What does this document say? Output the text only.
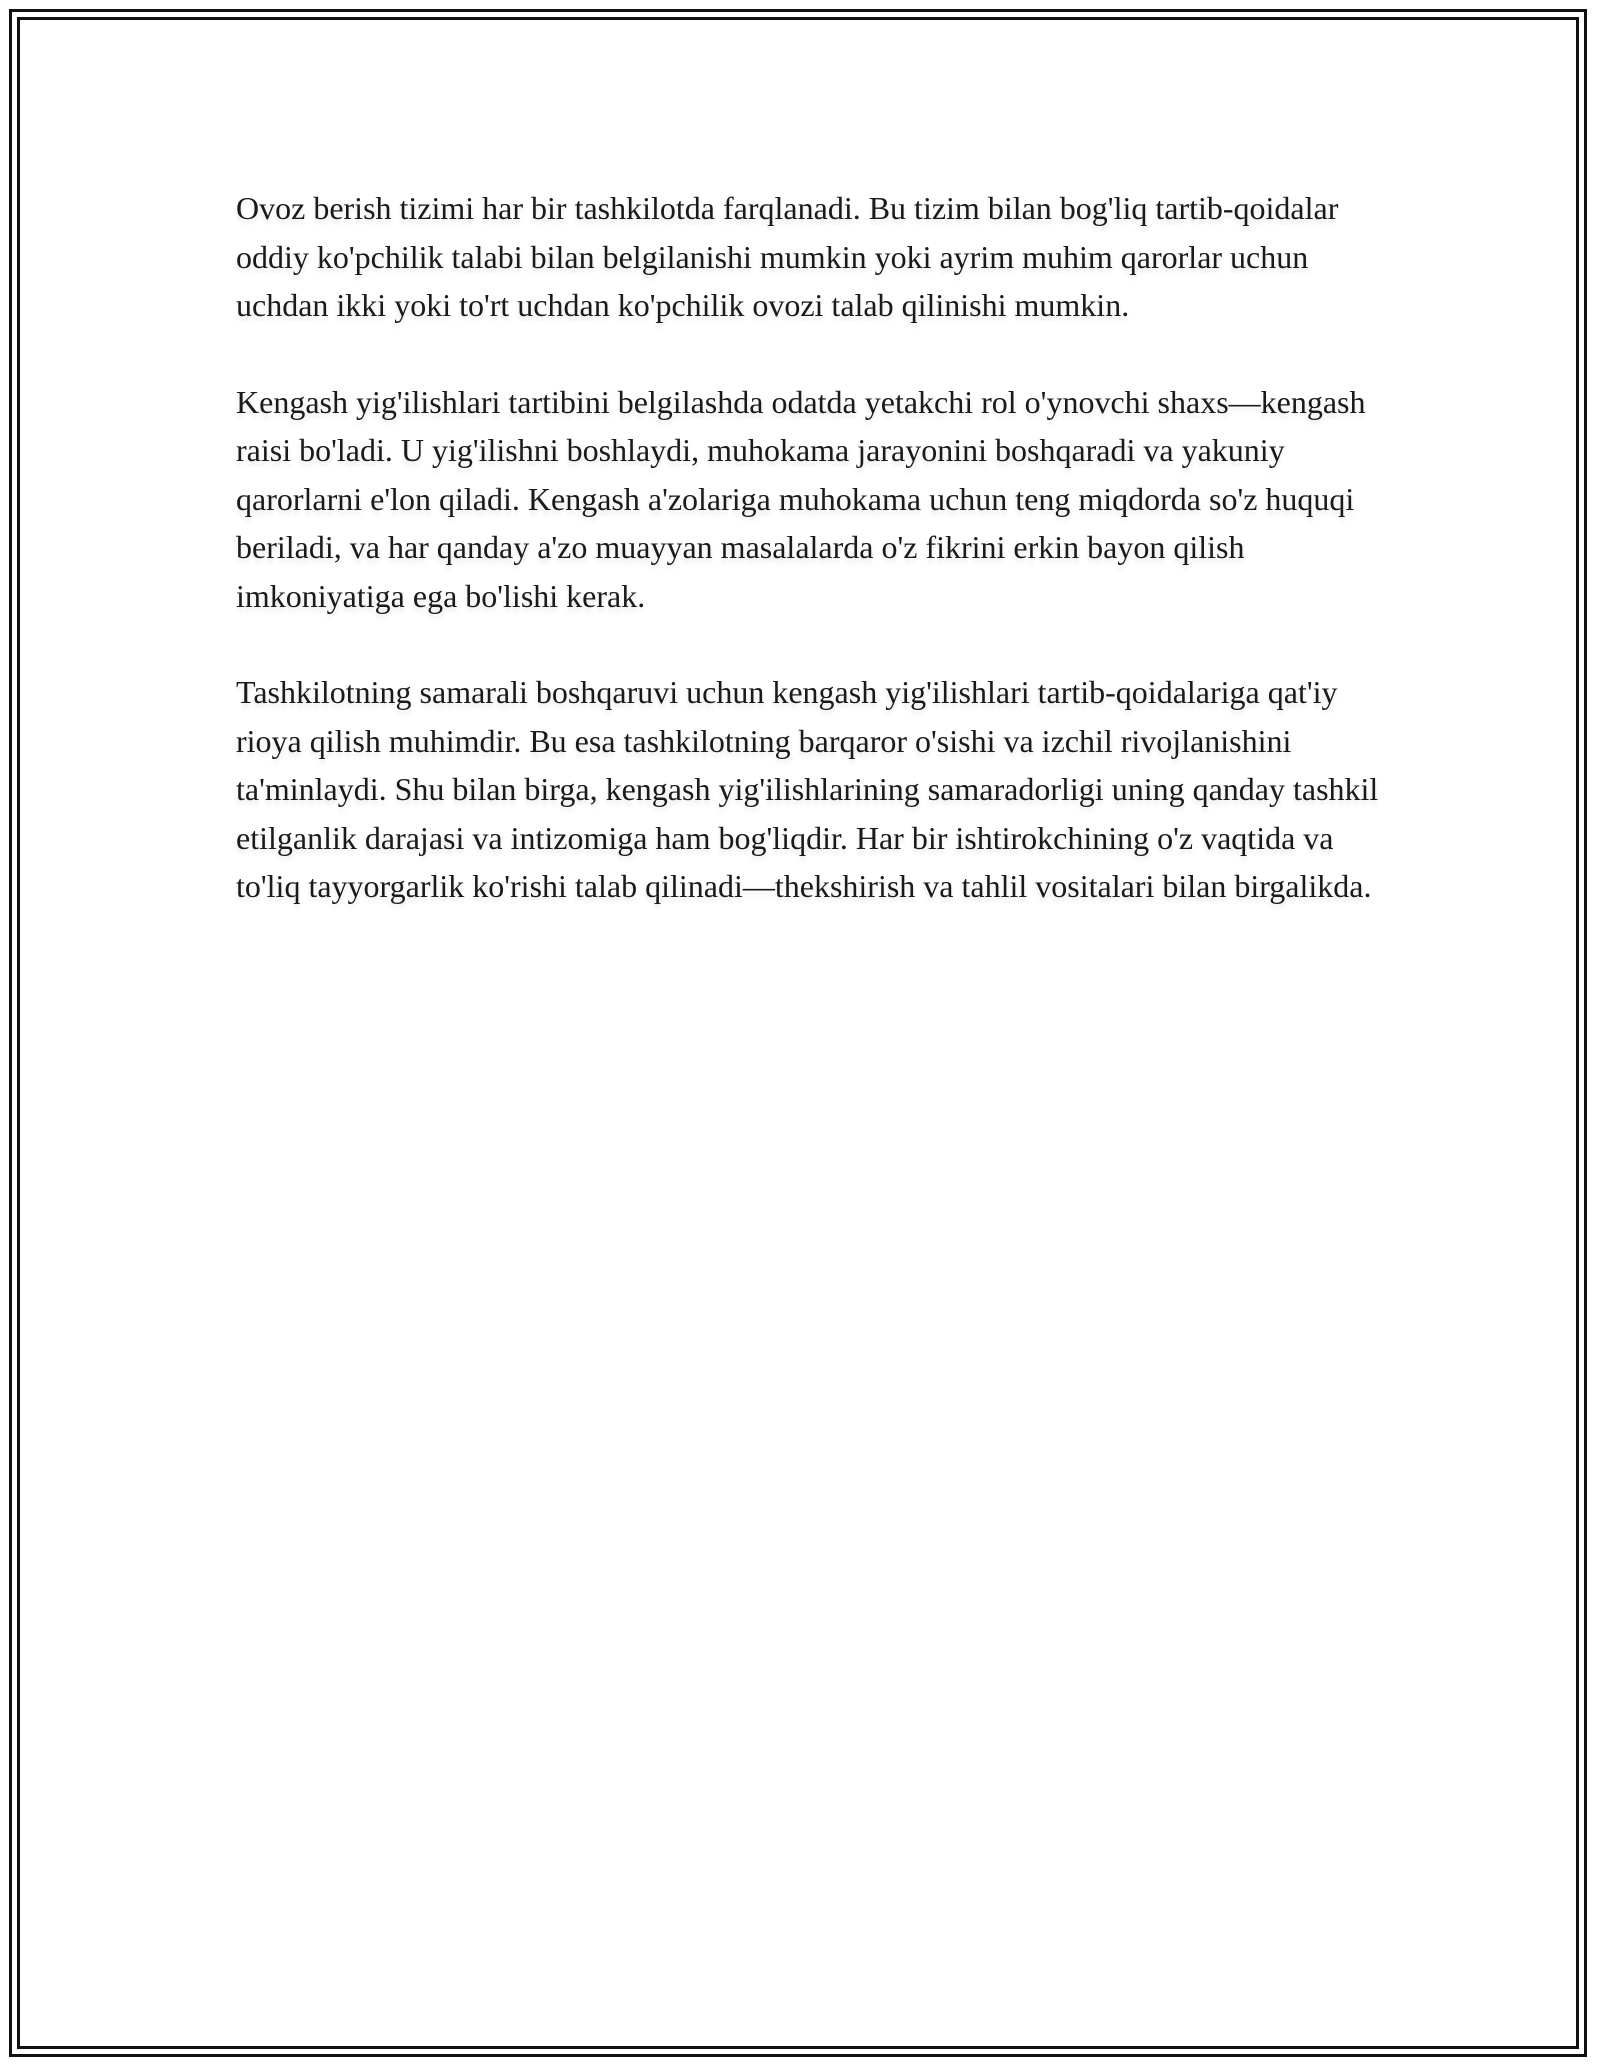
Ovoz berish tizimi har bir tashkilotda farqlanadi. Bu tizim bilan bog'liq tartib-qoidalar oddiy ko'pchilik talabi bilan belgilanishi mumkin yoki ayrim muhim qarorlar uchun uchdan ikki yoki to'rt uchdan ko'pchilik ovozi talab qilinishi mumkin.

Kengash yig'ilishlari tartibini belgilashda odatda yetakchi rol o'ynovchi shaxs—kengash raisi bo'ladi. U yig'ilishni boshlaydi, muhokama jarayonini boshqaradi va yakuniy qarorlarni e'lon qiladi. Kengash a'zolariga muhokama uchun teng miqdorda so'z huquqi beriladi, va har qanday a'zo muayyan masalalarda o'z fikrini erkin bayon qilish imkoniyatiga ega bo'lishi kerak.

Tashkilotning samarali boshqaruvi uchun kengash yig'ilishlari tartib-qoidalariga qat'iy rioya qilish muhimdir. Bu esa tashkilotning barqaror o'sishi va izchil rivojlanishini ta'minlaydi. Shu bilan birga, kengash yig'ilishlarining samaradorligi uning qanday tashkil etilganlik darajasi va intizomiga ham bog'liqdir. Har bir ishtirokchining o'z vaqtida va to'liq tayyorgarlik ko'rishi talab qilinadi—thekshirish va tahlil vositalari bilan birgalikda.
